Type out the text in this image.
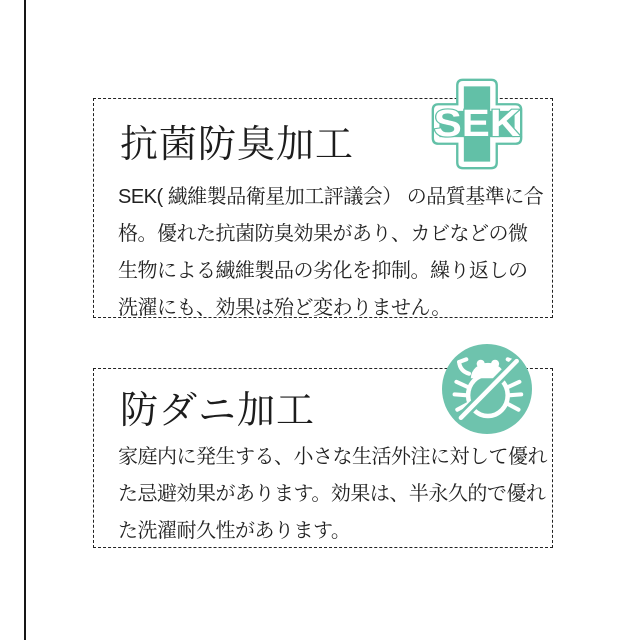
抗菌防臭加工
SEK( 繊維製品衛星加工評議会） の品質基準に合
格。優れた抗菌防臭効果があり、カビなどの微
生物による繊維製品の劣化を抑制。繰り返しの
洗濯にも、効果は殆ど変わりません。
SEK
防ダニ加工
家庭内に発生する、小さな生活外注に対して優れ
た忌避効果があります。効果は、半永久的で優れ
た洗濯耐久性があります。
